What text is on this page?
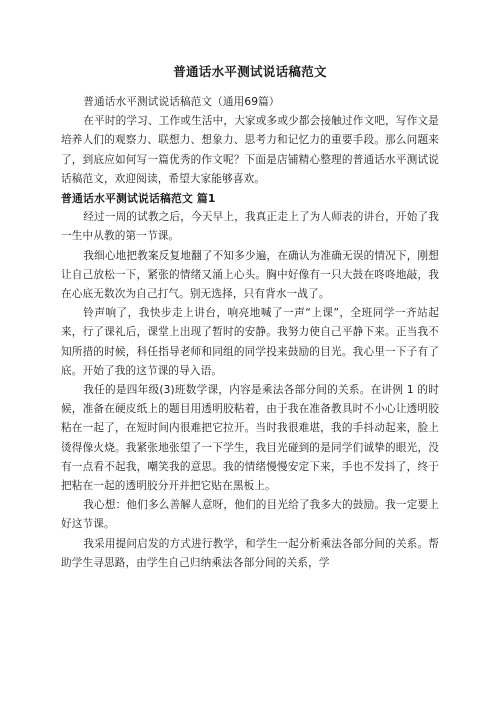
普通话水平测试说话稿范文

普通话水平测试说话稿范文（通用69篇）

在平时的学习、工作或生活中，大家或多或少都会接触过作文吧，写作文是培养人们的观察力、联想力、想象力、思考力和记忆力的重要手段。那么问题来了，到底应如何写一篇优秀的作文呢？下面是店铺精心整理的普通话水平测试说话稿范文，欢迎阅读，希望大家能够喜欢。

普通话水平测试说话稿范文 篇1

经过一周的试教之后，今天早上，我真正走上了为人师表的讲台，开始了我一生中从教的第一节课。

我细心地把教案反复地翻了不知多少遍，在确认为准确无误的情况下，刚想让自己放松一下，紧张的情绪又涌上心头。胸中好像有一只大鼓在咚咚地敲，我在心底无数次为自己打气。别无选择，只有背水一战了。

铃声响了，我快步走上讲台，响亮地喊了一声“上课”，全班同学一齐站起来，行了课礼后，课堂上出现了暂时的安静。我努力使自己平静下来。正当我不知所措的时候，科任指导老师和同组的同学投来鼓励的目光。我心里一下子有了底。开始了我的这节课的导入语。

我任的是四年级(3)班数学课，内容是乘法各部分间的关系。在讲例 1 的时候，准备在硬皮纸上的题目用透明胶粘着，由于我在准备教具时不小心让透明胶粘在一起了，在短时间内很难把它拉开。当时我很难堪，我的手抖动起来，脸上烫得像火烧。我紧张地张望了一下学生，我目光碰到的是同学们诚挚的眼光，没有一点看不起我，嘲笑我的意思。我的情绪慢慢安定下来，手也不发抖了，终于把粘在一起的透明胶分开并把它贴在黑板上。

我心想：他们多么善解人意呀，他们的目光给了我多大的鼓励。我一定要上好这节课。

我采用提问启发的方式进行教学，和学生一起分析乘法各部分间的关系。帮助学生寻思路，由学生自己归纳乘法各部分间的关系，学
